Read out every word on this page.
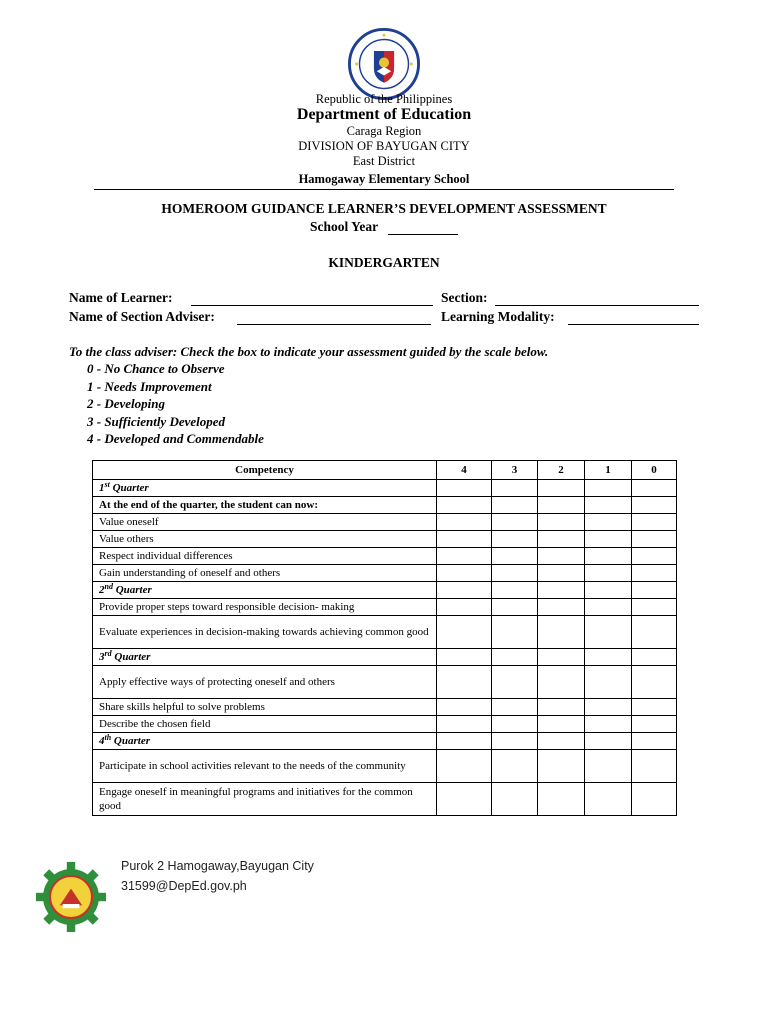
Republic of the Philippines
Department of Education
Caraga Region
DIVISION OF BAYUGAN CITY
East District
Hamogaway Elementary School
HOMEROOM GUIDANCE LEARNER’S DEVELOPMENT ASSESSMENT
School Year
KINDERGARTEN
Name of Learner:	Section:
Name of Section Adviser:	Learning Modality:
To the class adviser: Check the box to indicate your assessment guided by the scale below.
0 - No Chance to Observe
1 - Needs Improvement
2 - Developing
3 - Sufficiently Developed
4 - Developed and Commendable
Competency	4	3	2	1	0
1st Quarter					
At the end of the quarter, the student can now:					
Value oneself					
Value others					
Respect individual differences					
Gain understanding of oneself and others					
2nd Quarter					
Provide proper steps toward responsible decision- making					
Evaluate experiences in decision-making towards achieving common good					
3rd Quarter					
Apply effective ways of protecting oneself and others					
Share skills helpful to solve problems					
Describe the chosen field					
4th Quarter					
Participate in school activities relevant to the needs of the community					
Engage oneself in meaningful programs and initiatives for the common good					
Purok 2 Hamogaway,Bayugan City
31599@DepEd.gov.ph
